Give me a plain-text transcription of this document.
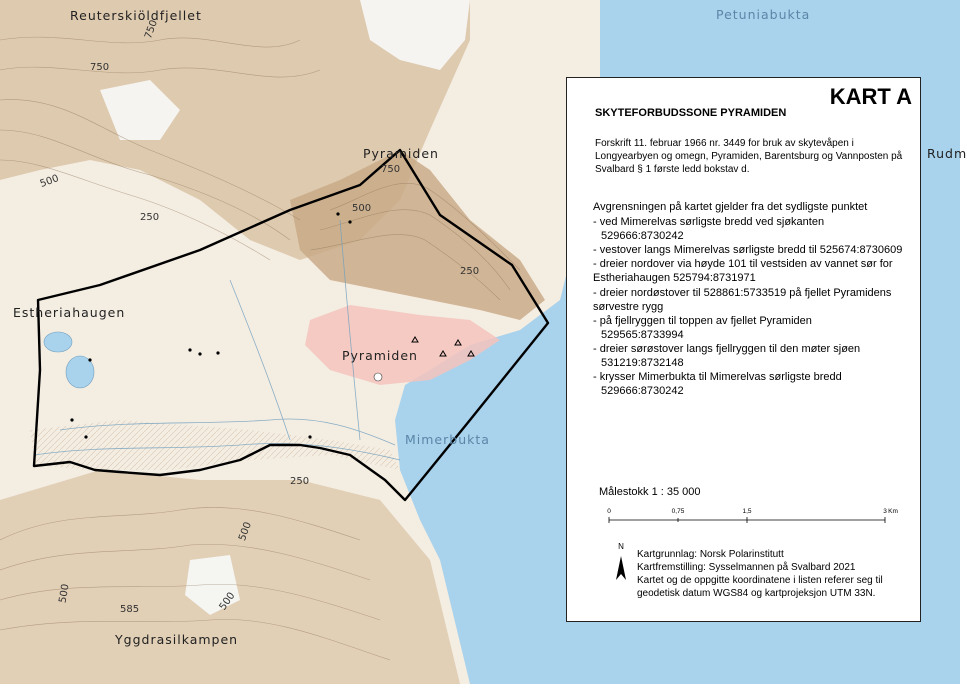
Reuterskiöldfjellet	Petuniabukta
Pyramiden
Estheriahaugen
Pyramiden
Mimerbukta
Yggdrasilkampen
Rudm
750
750
500
250
500
750
250
500
585	500
500
250
KART A
SKYTEFORBUDSSONE PYRAMIDEN
Forskrift 11. februar 1966 nr. 3449 for bruk av skytevåpen i Longyearbyen og omegn, Pyramiden, Barentsburg og Vannposten på Svalbard § 1 første ledd bokstav d.
Avgrensningen på kartet gjelder fra det sydligste punktet
- ved Mimerelvas sørligste bredd ved sjøkanten
529666:8730242
- vestover langs Mimerelvas sørligste bredd til 525674:8730609
- dreier nordover via høyde 101 til vestsiden av vannet sør for Estheriahaugen 525794:8731971
- dreier nordøstover til 528861:5733519 på fjellet Pyramidens sørvestre rygg
- på fjellryggen til toppen av fjellet Pyramiden
529565:8733994
- dreier sørøstover langs fjellryggen til den møter sjøen
531219:8732148
- krysser Mimerbukta til Mimerelvas sørligste bredd
529666:8730242
Målestokk 1 : 35 000
0	0,75	1,5	3 Km
N
Kartgrunnlag: Norsk Polarinstitutt
Kartfremstilling: Sysselmannen på Svalbard 2021
Kartet og de oppgitte koordinatene i listen referer seg til geodetisk datum WGS84 og kartprojeksjon UTM 33N.
